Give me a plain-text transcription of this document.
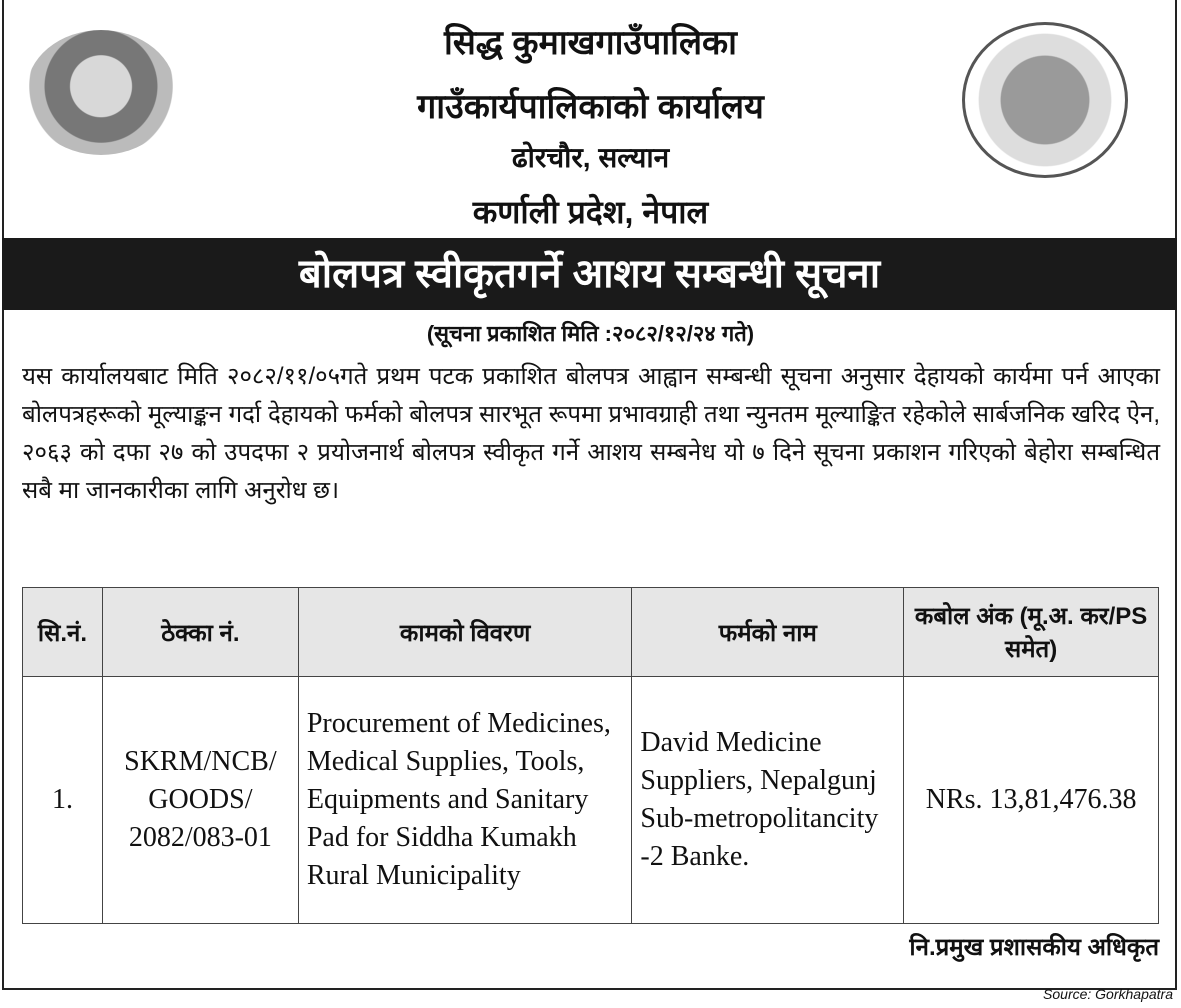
सिद्ध कुमाखगाउँपालिका
गाउँकार्यपालिकाको कार्यालय
ढोरचौर, सल्यान
कर्णाली प्रदेश, नेपाल
बोलपत्र स्वीकृतगर्ने आशय सम्बन्धी सूचना
(सूचना प्रकाशित मिति :२०८२/१२/२४ गते)
यस कार्यालयबाट मिति २०८२/११/०५गते प्रथम पटक प्रकाशित बोलपत्र आह्वान सम्बन्धी सूचना अनुसार देहायको कार्यमा पर्न आएका बोलपत्रहरूको मूल्याङ्कन गर्दा देहायको फर्मको बोलपत्र सारभूत रूपमा प्रभावग्राही तथा न्युनतम मूल्याङ्कित रहेकोले सार्बजनिक खरिद ऐन, २०६३ को दफा २७ को उपदफा २ प्रयोजनार्थ बोलपत्र स्वीकृत गर्ने आशय सम्बनेध यो ७ दिने सूचना प्रकाशन गरिएको बेहोरा सम्बन्धित सबै मा जानकारीका लागि अनुरोध छ।
सि.नं.	ठेक्का नं.	कामको विवरण	फर्मको नाम	कबोल अंक (मू.अ. कर/PS समेत)
1.	SKRM/NCB/ GOODS/ 2082/083-01	Procurement of Medicines, Medical Supplies, Tools, Equipments and Sanitary Pad for Siddha Kumakh Rural Municipality	David Medicine Suppliers, Nepalgunj Sub-metropolitancity -2 Banke.	NRs. 13,81,476.38
नि.प्रमुख प्रशासकीय अधिकृत
Source: Gorkhapatra
